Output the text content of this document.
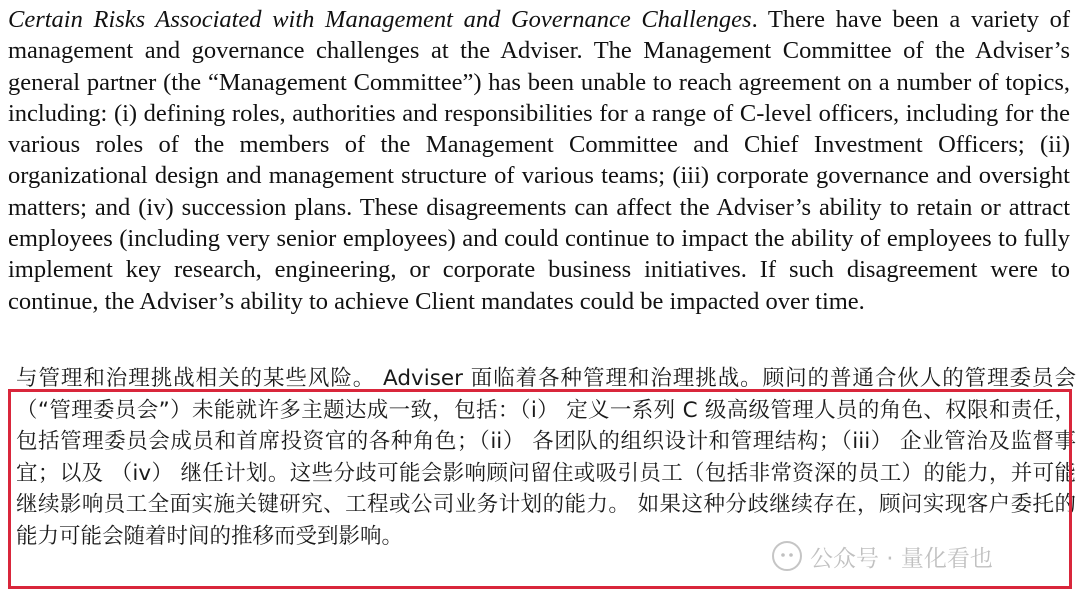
Certain Risks Associated with Management and Governance Challenges. There have been a variety of management and governance challenges at the Adviser. The Management Committee of the Adviser’s general partner (the “Management Committee”) has been unable to reach agreement on a number of topics, including: (i) defining roles, authorities and responsibilities for a range of C-level officers, including for the various roles of the members of the Management Committee and Chief Investment Officers; (ii) organizational design and management structure of various teams; (iii) corporate governance and oversight matters; and (iv) succession plans. These disagreements can affect the Adviser’s ability to retain or attract employees (including very senior employees) and could continue to impact the ability of employees to fully implement key research, engineering, or corporate business initiatives. If such disagreement were to continue, the Adviser’s ability to achieve Client mandates could be impacted over time.

与管理和治理挑战相关的某些风险。 Adviser 面临着各种管理和治理挑战。顾问的普通合伙人的管理委员会（“管理委员会”）未能就许多主题达成一致，包括：（i） 定义一系列 C 级高级管理人员的角色、权限和责任，包括管理委员会成员和首席投资官的各种角色；（ii） 各团队的组织设计和管理结构；（iii） 企业管治及监督事宜；以及 （iv） 继任计划。这些分歧可能会影响顾问留住或吸引员工（包括非常资深的员工）的能力，并可能继续影响员工全面实施关键研究、工程或公司业务计划的能力。 如果这种分歧继续存在，顾问实现客户委托的能力可能会随着时间的推移而受到影响。

公众号 · 量化看也
